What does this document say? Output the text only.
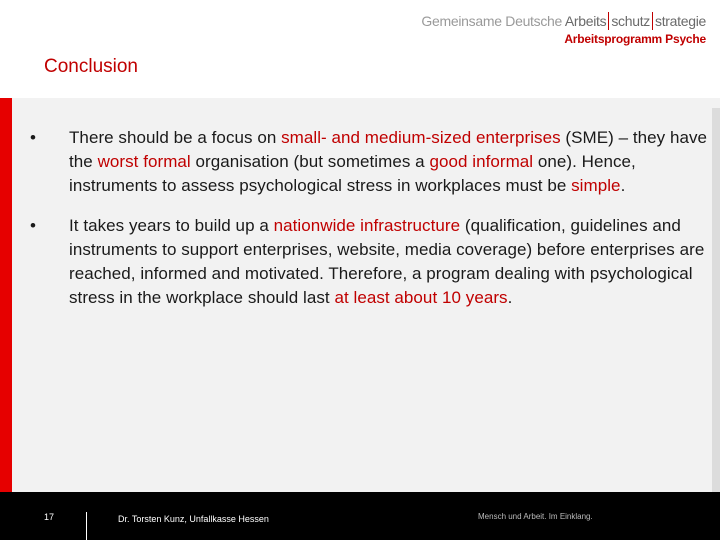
Gemeinsame Deutsche Arbeits schutz strategie
Arbeitsprogramm Psyche
Conclusion
• There should be a focus on small- and medium-sized enterprises (SME) – they have the worst formal organisation (but sometimes a good informal one). Hence, instruments to assess psychological stress in workplaces must be simple.
• It takes years to build up a nationwide infrastructure (qualification, guidelines and instruments to support enterprises, website, media coverage) before enterprises are reached, informed and motivated. Therefore, a program dealing with psychological stress in the workplace should last at least about 10 years.
17	Dr. Torsten Kunz, Unfallkasse Hessen	Mensch und Arbeit. Im Einklang.
